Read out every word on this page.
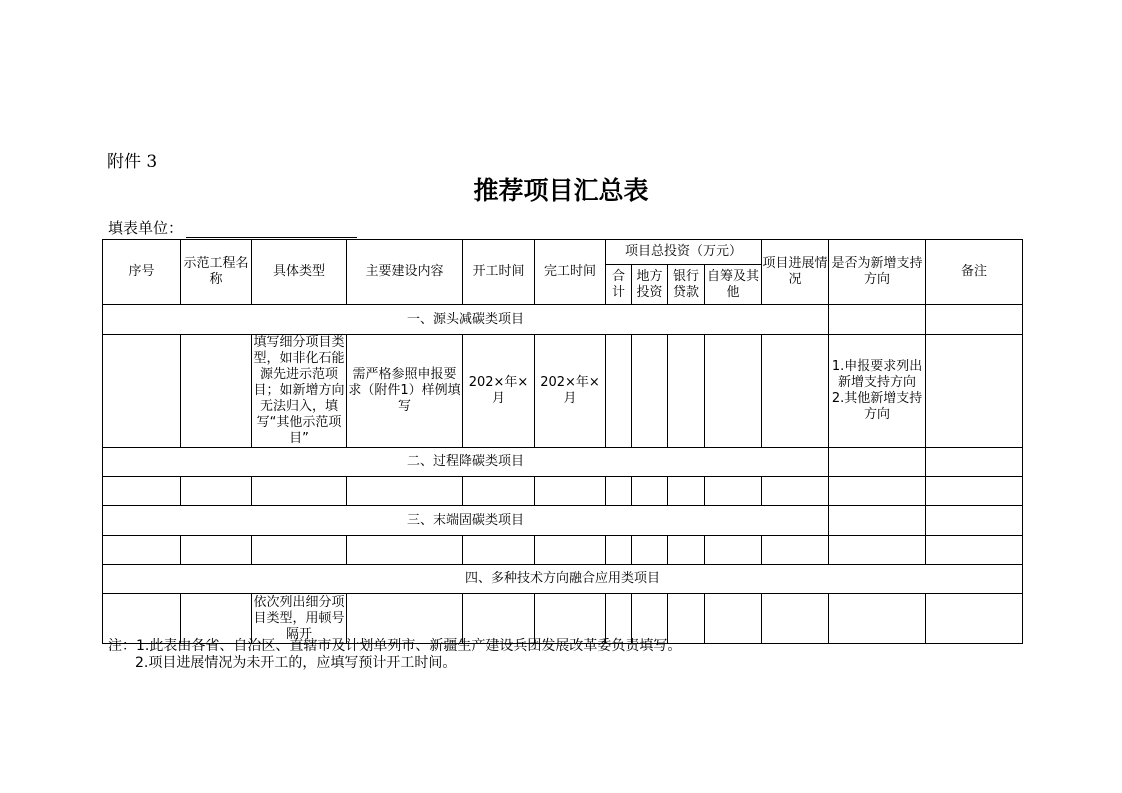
附件 3
推荐项目汇总表
填表单位：
序号	示范工程名称	具体类型	主要建设内容	开工时间	完工时间	项目总投资（万元）				项目进展情况	是否为新增支持方向	备注
						合计	地方投资	银行贷款	自筹及其他			
一、源头减碳类项目												
		填写细分项目类型，如非化石能源先进示范项目；如新增方向无法归入，填写“其他示范项目”	需严格参照申报要求（附件1）样例填写	202×年×月	202×年×月						1.申报要求列出新增支持方向
2.其他新增支持方向	
二、过程降碳类项目												

三、末端固碳类项目												

四、多种技术方向融合应用类项目												
		依次列出细分项目类型，用顿号隔开										
注：1.此表由各省、自治区、直辖市及计划单列市、新疆生产建设兵团发展改革委负责填写。
2.项目进展情况为未开工的，应填写预计开工时间。
